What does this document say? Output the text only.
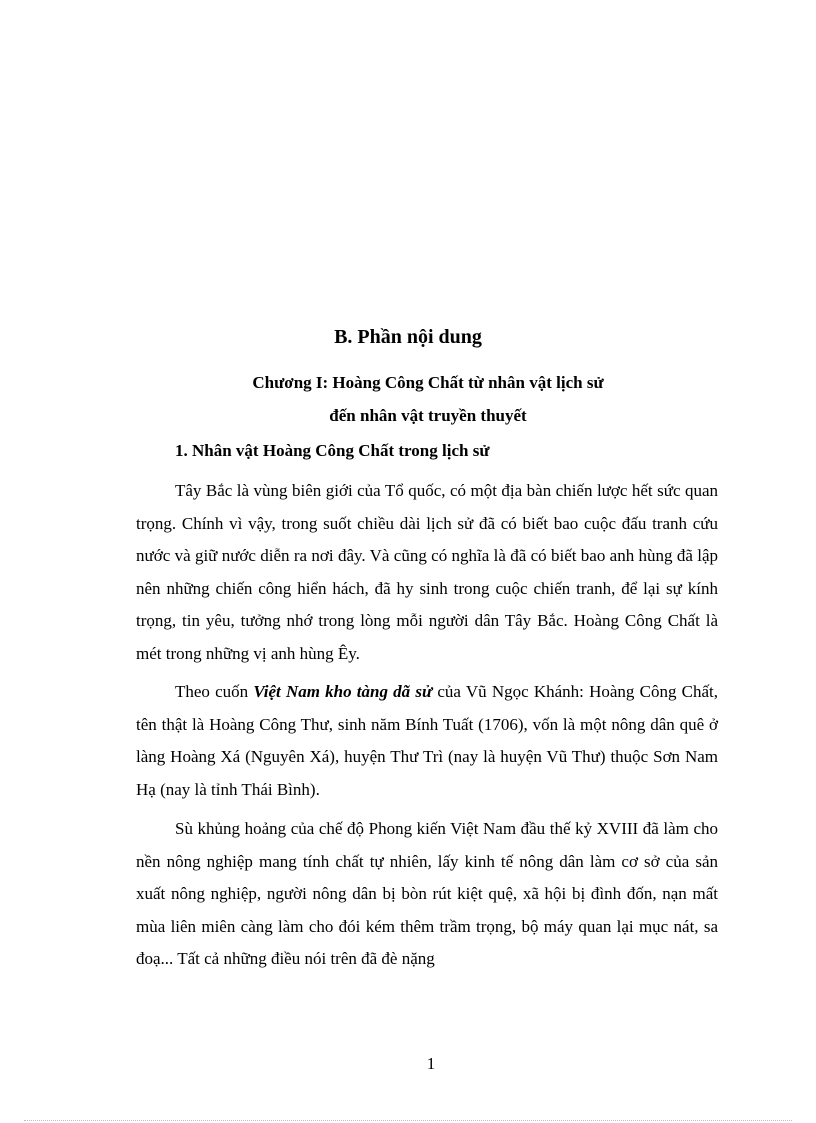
B. Phần nội dung
Chương I: Hoàng Công Chất từ nhân vật lịch sử
đến nhân vật truyền thuyết
1. Nhân vật Hoàng Công Chất trong lịch sử

Tây Bắc là vùng biên giới của Tổ quốc, có một địa bàn chiến lược hết sức quan trọng. Chính vì vậy, trong suốt chiều dài lịch sử đã có biết bao cuộc đấu tranh cứu nước và giữ nước diễn ra nơi đây. Và cũng có nghĩa là đã có biết bao anh hùng đã lập nên những chiến công hiển hách, đã hy sinh trong cuộc chiến tranh, để lại sự kính trọng, tin yêu, tưởng nhớ trong lòng mỗi người dân Tây Bắc. Hoàng Công Chất là mét trong những vị anh hùng Êy.

Theo cuốn Việt Nam kho tàng dã sử của Vũ Ngọc Khánh: Hoàng Công Chất, tên thật là Hoàng Công Thư, sinh năm Bính Tuất (1706), vốn là một nông dân quê ở làng Hoàng Xá (Nguyên Xá), huyện Thư Trì (nay là huyện Vũ Thư) thuộc Sơn Nam Hạ (nay là tỉnh Thái Bình).

Sù khủng hoảng của chế độ Phong kiến Việt Nam đầu thế kỷ XVIII đã làm cho nền nông nghiệp mang tính chất tự nhiên, lấy kinh tế nông dân làm cơ sở của sản xuất nông nghiệp, người nông dân bị bòn rút kiệt quệ, xã hội bị đình đốn, nạn mất mùa liên miên càng làm cho đói kém thêm trầm trọng, bộ máy quan lại mục nát, sa đoạ... Tất cả những điều nói trên đã đè nặng

1
